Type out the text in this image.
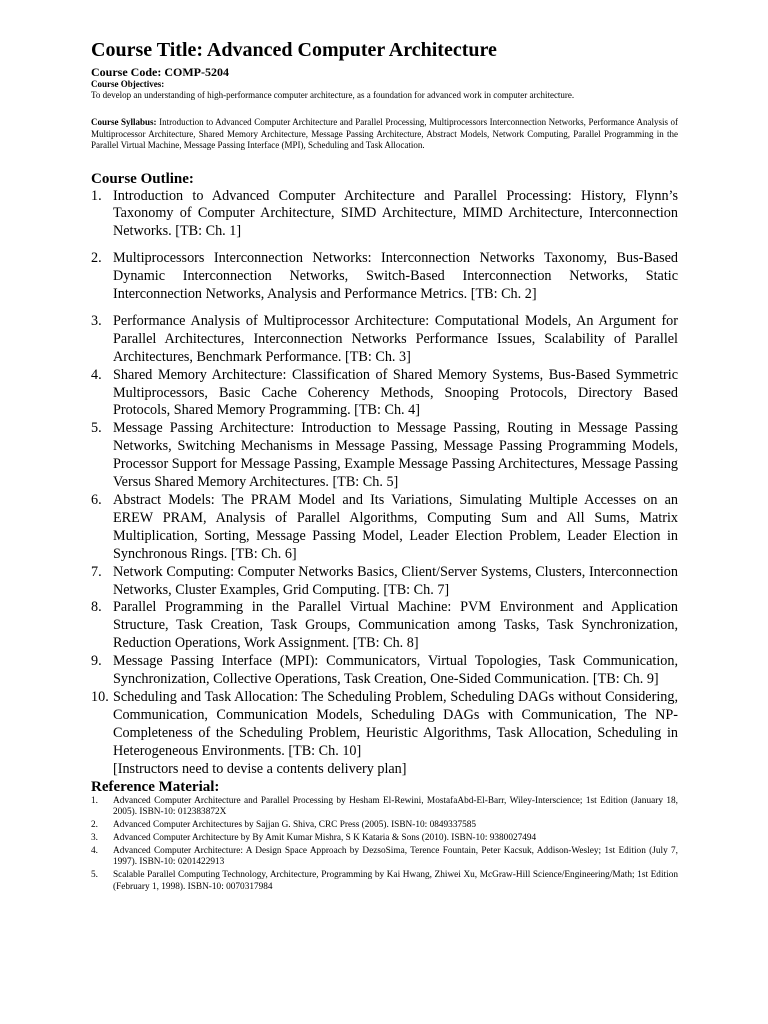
Course Title: Advanced Computer Architecture

Course Code: COMP-5204

Course Objectives:

To develop an understanding of high-performance computer architecture, as a foundation for advanced work in computer architecture.

Course Syllabus: Introduction to Advanced Computer Architecture and Parallel Processing, Multiprocessors Interconnection Networks, Performance Analysis of Multiprocessor Architecture, Shared Memory Architecture, Message Passing Architecture, Abstract Models, Network Computing, Parallel Programming in the Parallel Virtual Machine, Message Passing Interface (MPI), Scheduling and Task Allocation.

Course Outline:
1. Introduction to Advanced Computer Architecture and Parallel Processing: History, Flynn’s Taxonomy of Computer Architecture, SIMD Architecture, MIMD Architecture, Interconnection Networks. [TB: Ch. 1]
2. Multiprocessors Interconnection Networks: Interconnection Networks Taxonomy, Bus-Based Dynamic Interconnection Networks, Switch-Based Interconnection Networks, Static Interconnection Networks, Analysis and Performance Metrics. [TB: Ch. 2]
3. Performance Analysis of Multiprocessor Architecture: Computational Models, An Argument for Parallel Architectures, Interconnection Networks Performance Issues, Scalability of Parallel Architectures, Benchmark Performance. [TB: Ch. 3]
4. Shared Memory Architecture: Classification of Shared Memory Systems, Bus-Based Symmetric Multiprocessors, Basic Cache Coherency Methods, Snooping Protocols, Directory Based Protocols, Shared Memory Programming. [TB: Ch. 4]
5. Message Passing Architecture: Introduction to Message Passing, Routing in Message Passing Networks, Switching Mechanisms in Message Passing, Message Passing Programming Models, Processor Support for Message Passing, Example Message Passing Architectures, Message Passing Versus Shared Memory Architectures. [TB: Ch. 5]
6. Abstract Models: The PRAM Model and Its Variations, Simulating Multiple Accesses on an EREW PRAM, Analysis of Parallel Algorithms, Computing Sum and All Sums, Matrix Multiplication, Sorting, Message Passing Model, Leader Election Problem, Leader Election in Synchronous Rings. [TB: Ch. 6]
7. Network Computing: Computer Networks Basics, Client/Server Systems, Clusters, Interconnection Networks, Cluster Examples, Grid Computing. [TB: Ch. 7]
8. Parallel Programming in the Parallel Virtual Machine: PVM Environment and Application Structure, Task Creation, Task Groups, Communication among Tasks, Task Synchronization, Reduction Operations, Work Assignment. [TB: Ch. 8]
9. Message Passing Interface (MPI): Communicators, Virtual Topologies, Task Communication, Synchronization, Collective Operations, Task Creation, One-Sided Communication. [TB: Ch. 9]
10. Scheduling and Task Allocation: The Scheduling Problem, Scheduling DAGs without Considering, Communication, Communication Models, Scheduling DAGs with Communication, The NP-Completeness of the Scheduling Problem, Heuristic Algorithms, Task Allocation, Scheduling in Heterogeneous Environments. [TB: Ch. 10]

[Instructors need to devise a contents delivery plan]

Reference Material:
1. Advanced Computer Architecture and Parallel Processing by Hesham El-Rewini, MostafaAbd-El-Barr, Wiley-Interscience; 1st Edition (January 18, 2005). ISBN-10: 012383872X
2. Advanced Computer Architectures by Sajjan G. Shiva, CRC Press (2005). ISBN-10: 0849337585
3. Advanced Computer Architecture by By Amit Kumar Mishra, S K Kataria & Sons (2010). ISBN-10: 9380027494
4. Advanced Computer Architecture: A Design Space Approach by DezsoSima, Terence Fountain, Peter Kacsuk, Addison-Wesley; 1st Edition (July 7, 1997). ISBN-10: 0201422913
5. Scalable Parallel Computing Technology, Architecture, Programming by Kai Hwang, Zhiwei Xu, McGraw-Hill Science/Engineering/Math; 1st Edition (February 1, 1998). ISBN-10: 0070317984
